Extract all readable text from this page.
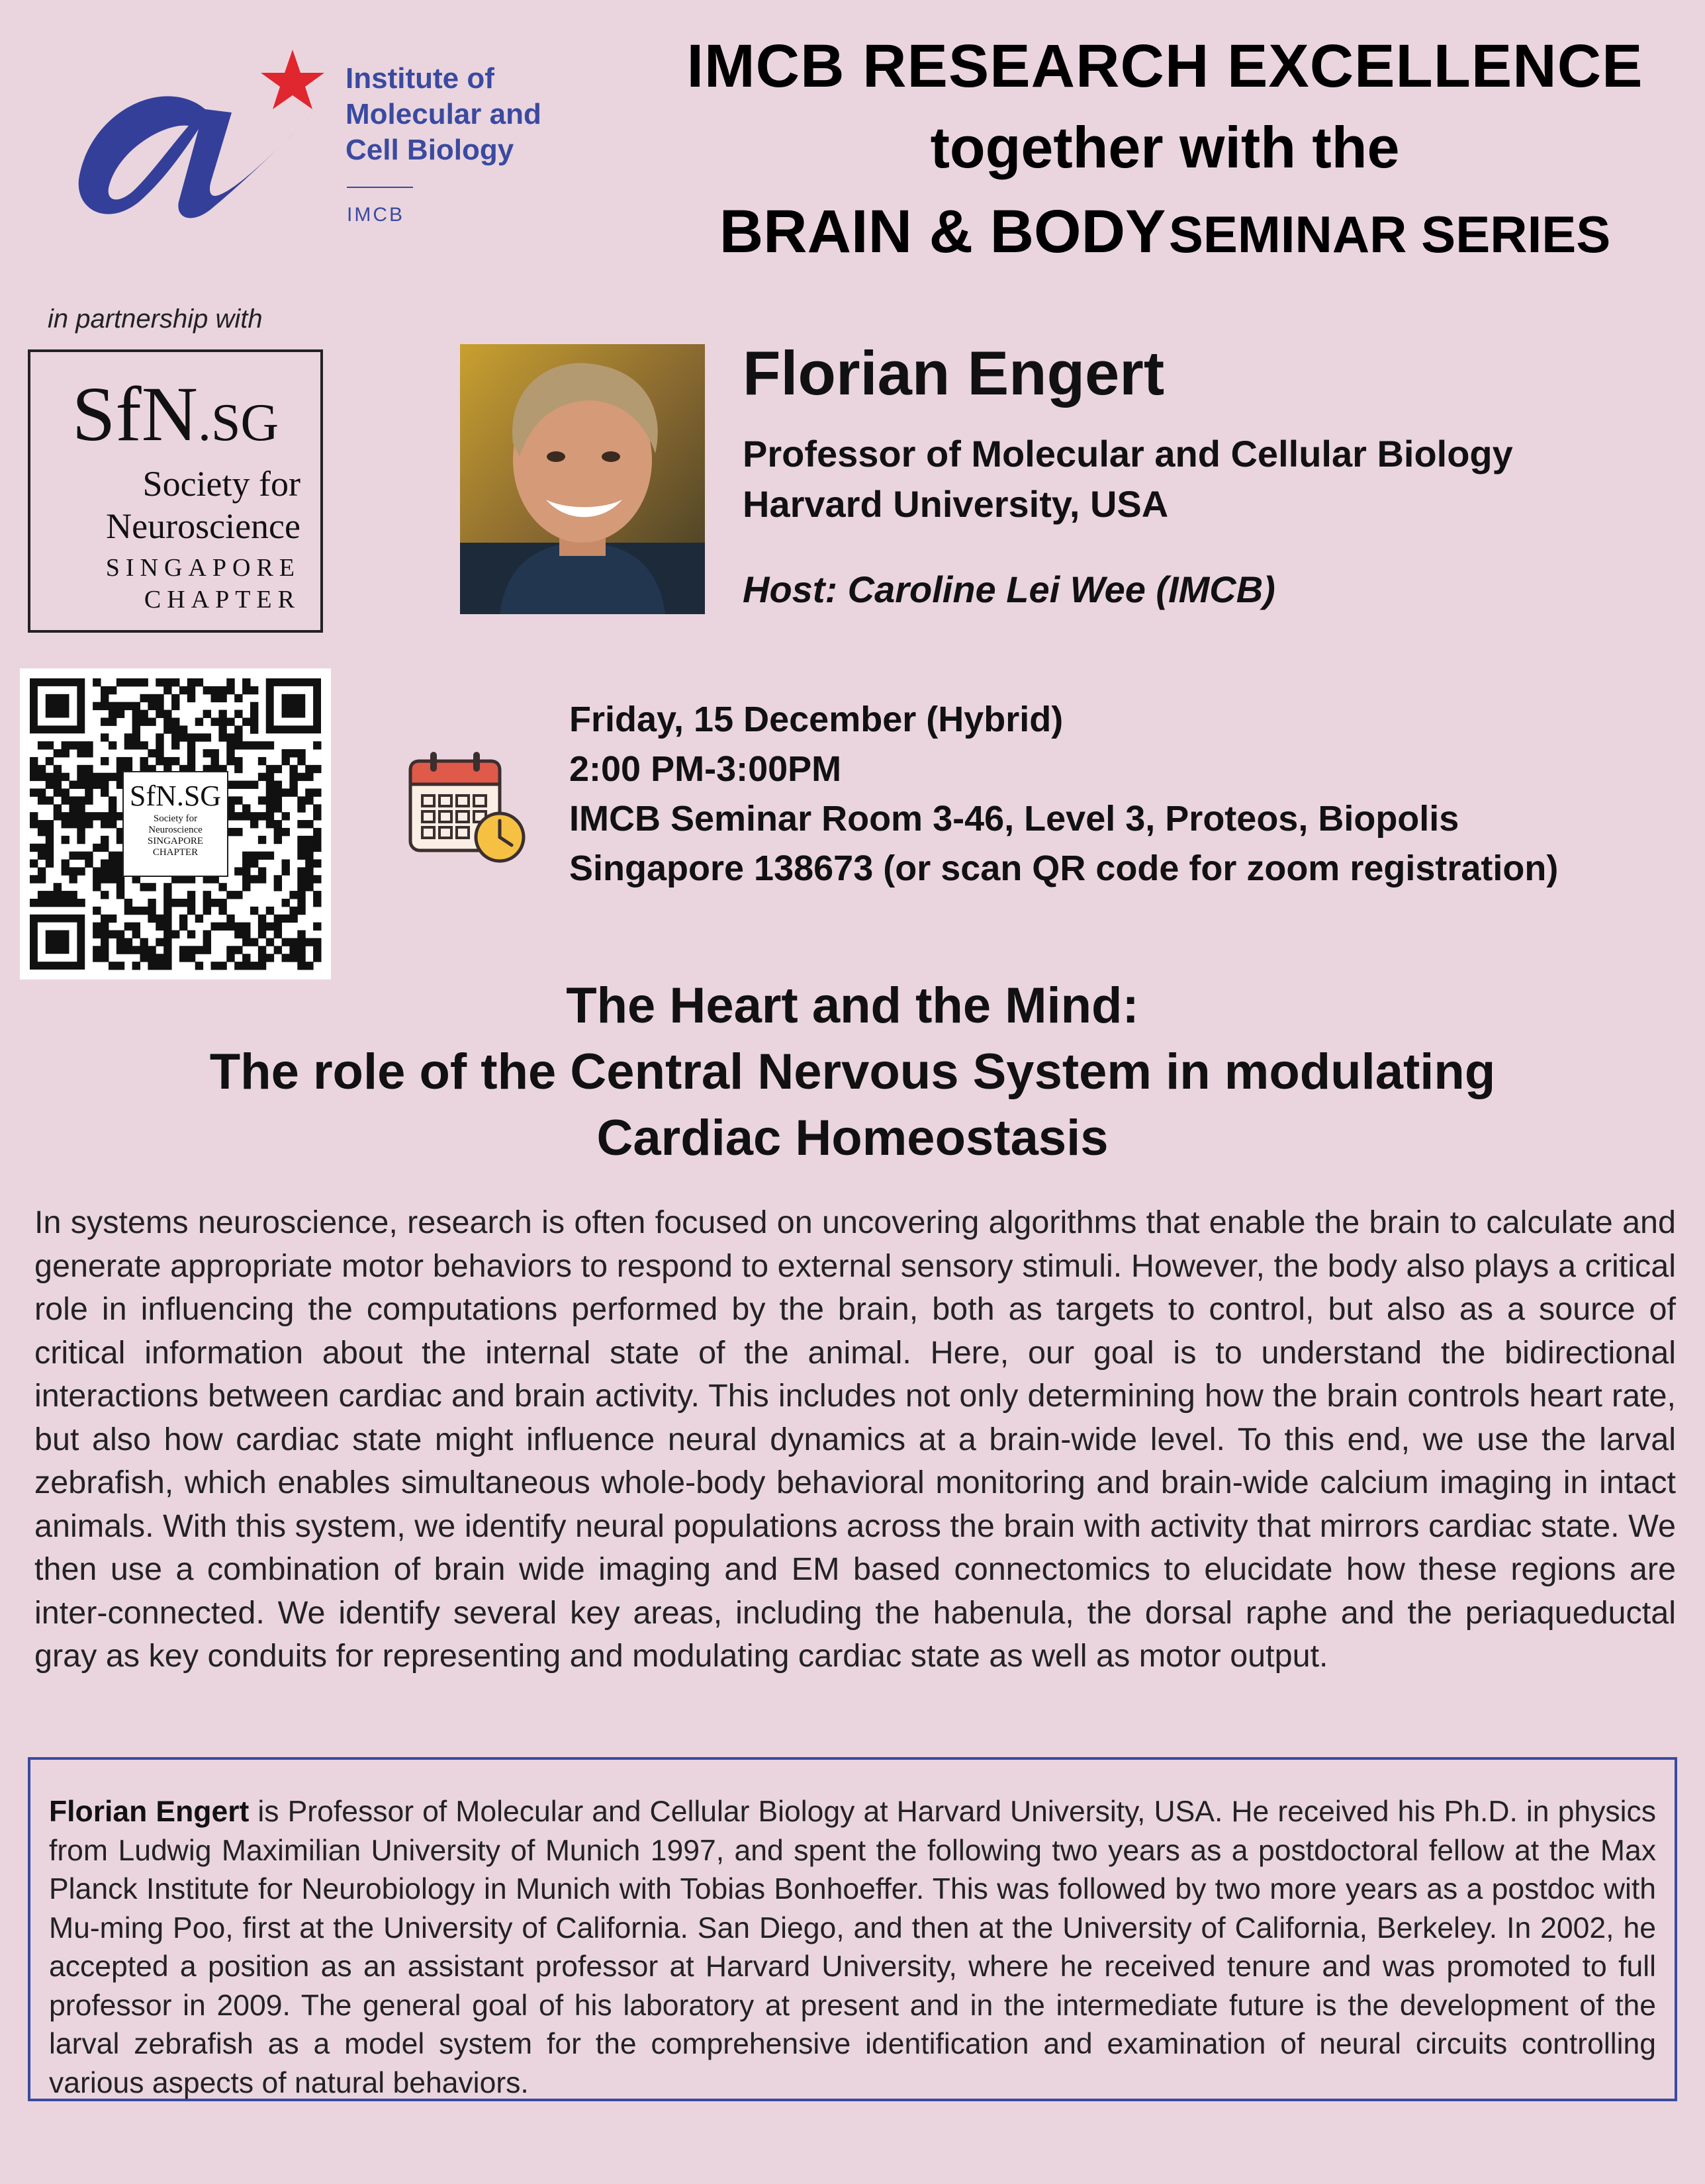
Institute of
Molecular and
Cell Biology
IMCB
IMCB RESEARCH EXCELLENCE
together with the
BRAIN & BODY SEMINAR SERIES
in partnership with
SfN.SG
Society for
Neuroscience
SINGAPORE
CHAPTER
SfN.SG
Society for
Neuroscience
SINGAPORE
CHAPTER
Florian Engert
Professor of Molecular and Cellular Biology
Harvard University, USA
Host: Caroline Lei Wee (IMCB)
Friday, 15 December (Hybrid)
2:00 PM-3:00PM
IMCB Seminar Room 3-46, Level 3, Proteos, Biopolis
Singapore 138673 (or scan QR code for zoom registration)
The Heart and the Mind:
The role of the Central Nervous System in modulating
Cardiac Homeostasis
In systems neuroscience, research is often focused on uncovering algorithms that enable the brain to calculate and generate appropriate motor behaviors to respond to external sensory stimuli. However, the body also plays a critical role in influencing the computations performed by the brain, both as targets to control, but also as a source of critical information about the internal state of the animal. Here, our goal is to understand the bidirectional interactions between cardiac and brain activity. This includes not only determining how the brain controls heart rate, but also how cardiac state might influence neural dynamics at a brain-wide level. To this end, we use the larval zebrafish, which enables simultaneous whole-body behavioral monitoring and brain-wide calcium imaging in intact animals. With this system, we identify neural populations across the brain with activity that mirrors cardiac state. We then use a combination of brain wide imaging and EM based connectomics to elucidate how these regions are inter-connected. We identify several key areas, including the habenula, the dorsal raphe and the periaqueductal gray as key conduits for representing and modulating cardiac state as well as motor output.
Florian Engert is Professor of Molecular and Cellular Biology at Harvard University, USA. He received his Ph.D. in physics from Ludwig Maximilian University of Munich 1997, and spent the following two years as a postdoctoral fellow at the Max Planck Institute for Neurobiology in Munich with Tobias Bonhoeffer. This was followed by two more years as a postdoc with Mu-ming Poo, first at the University of California. San Diego, and then at the University of California, Berkeley. In 2002, he accepted a position as an assistant professor at Harvard University, where he received tenure and was promoted to full professor in 2009. The general goal of his laboratory at present and in the intermediate future is the development of the larval zebrafish as a model system for the comprehensive identification and examination of neural circuits controlling various aspects of natural behaviors.
